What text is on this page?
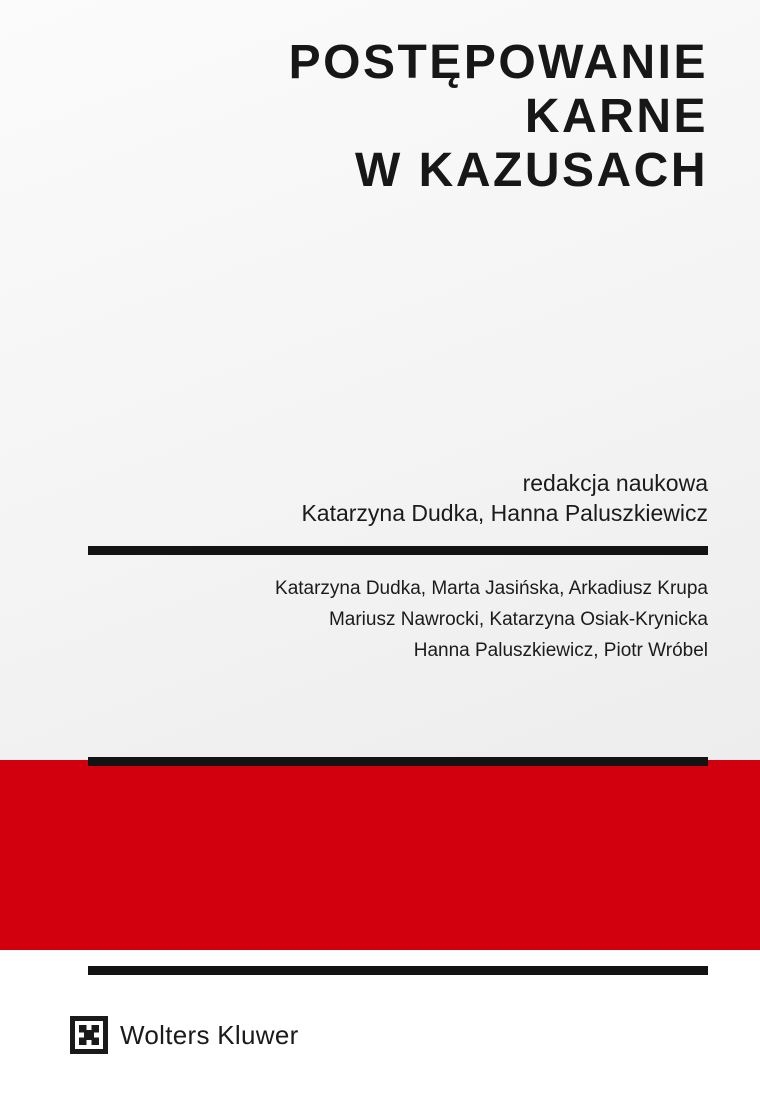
POSTĘPOWANIE
KARNE
W KAZUSACH
redakcja naukowa
Katarzyna Dudka, Hanna Paluszkiewicz
Katarzyna Dudka, Marta Jasińska, Arkadiusz Krupa
Mariusz Nawrocki, Katarzyna Osiak-Krynicka
Hanna Paluszkiewicz, Piotr Wróbel
Wolters Kluwer
